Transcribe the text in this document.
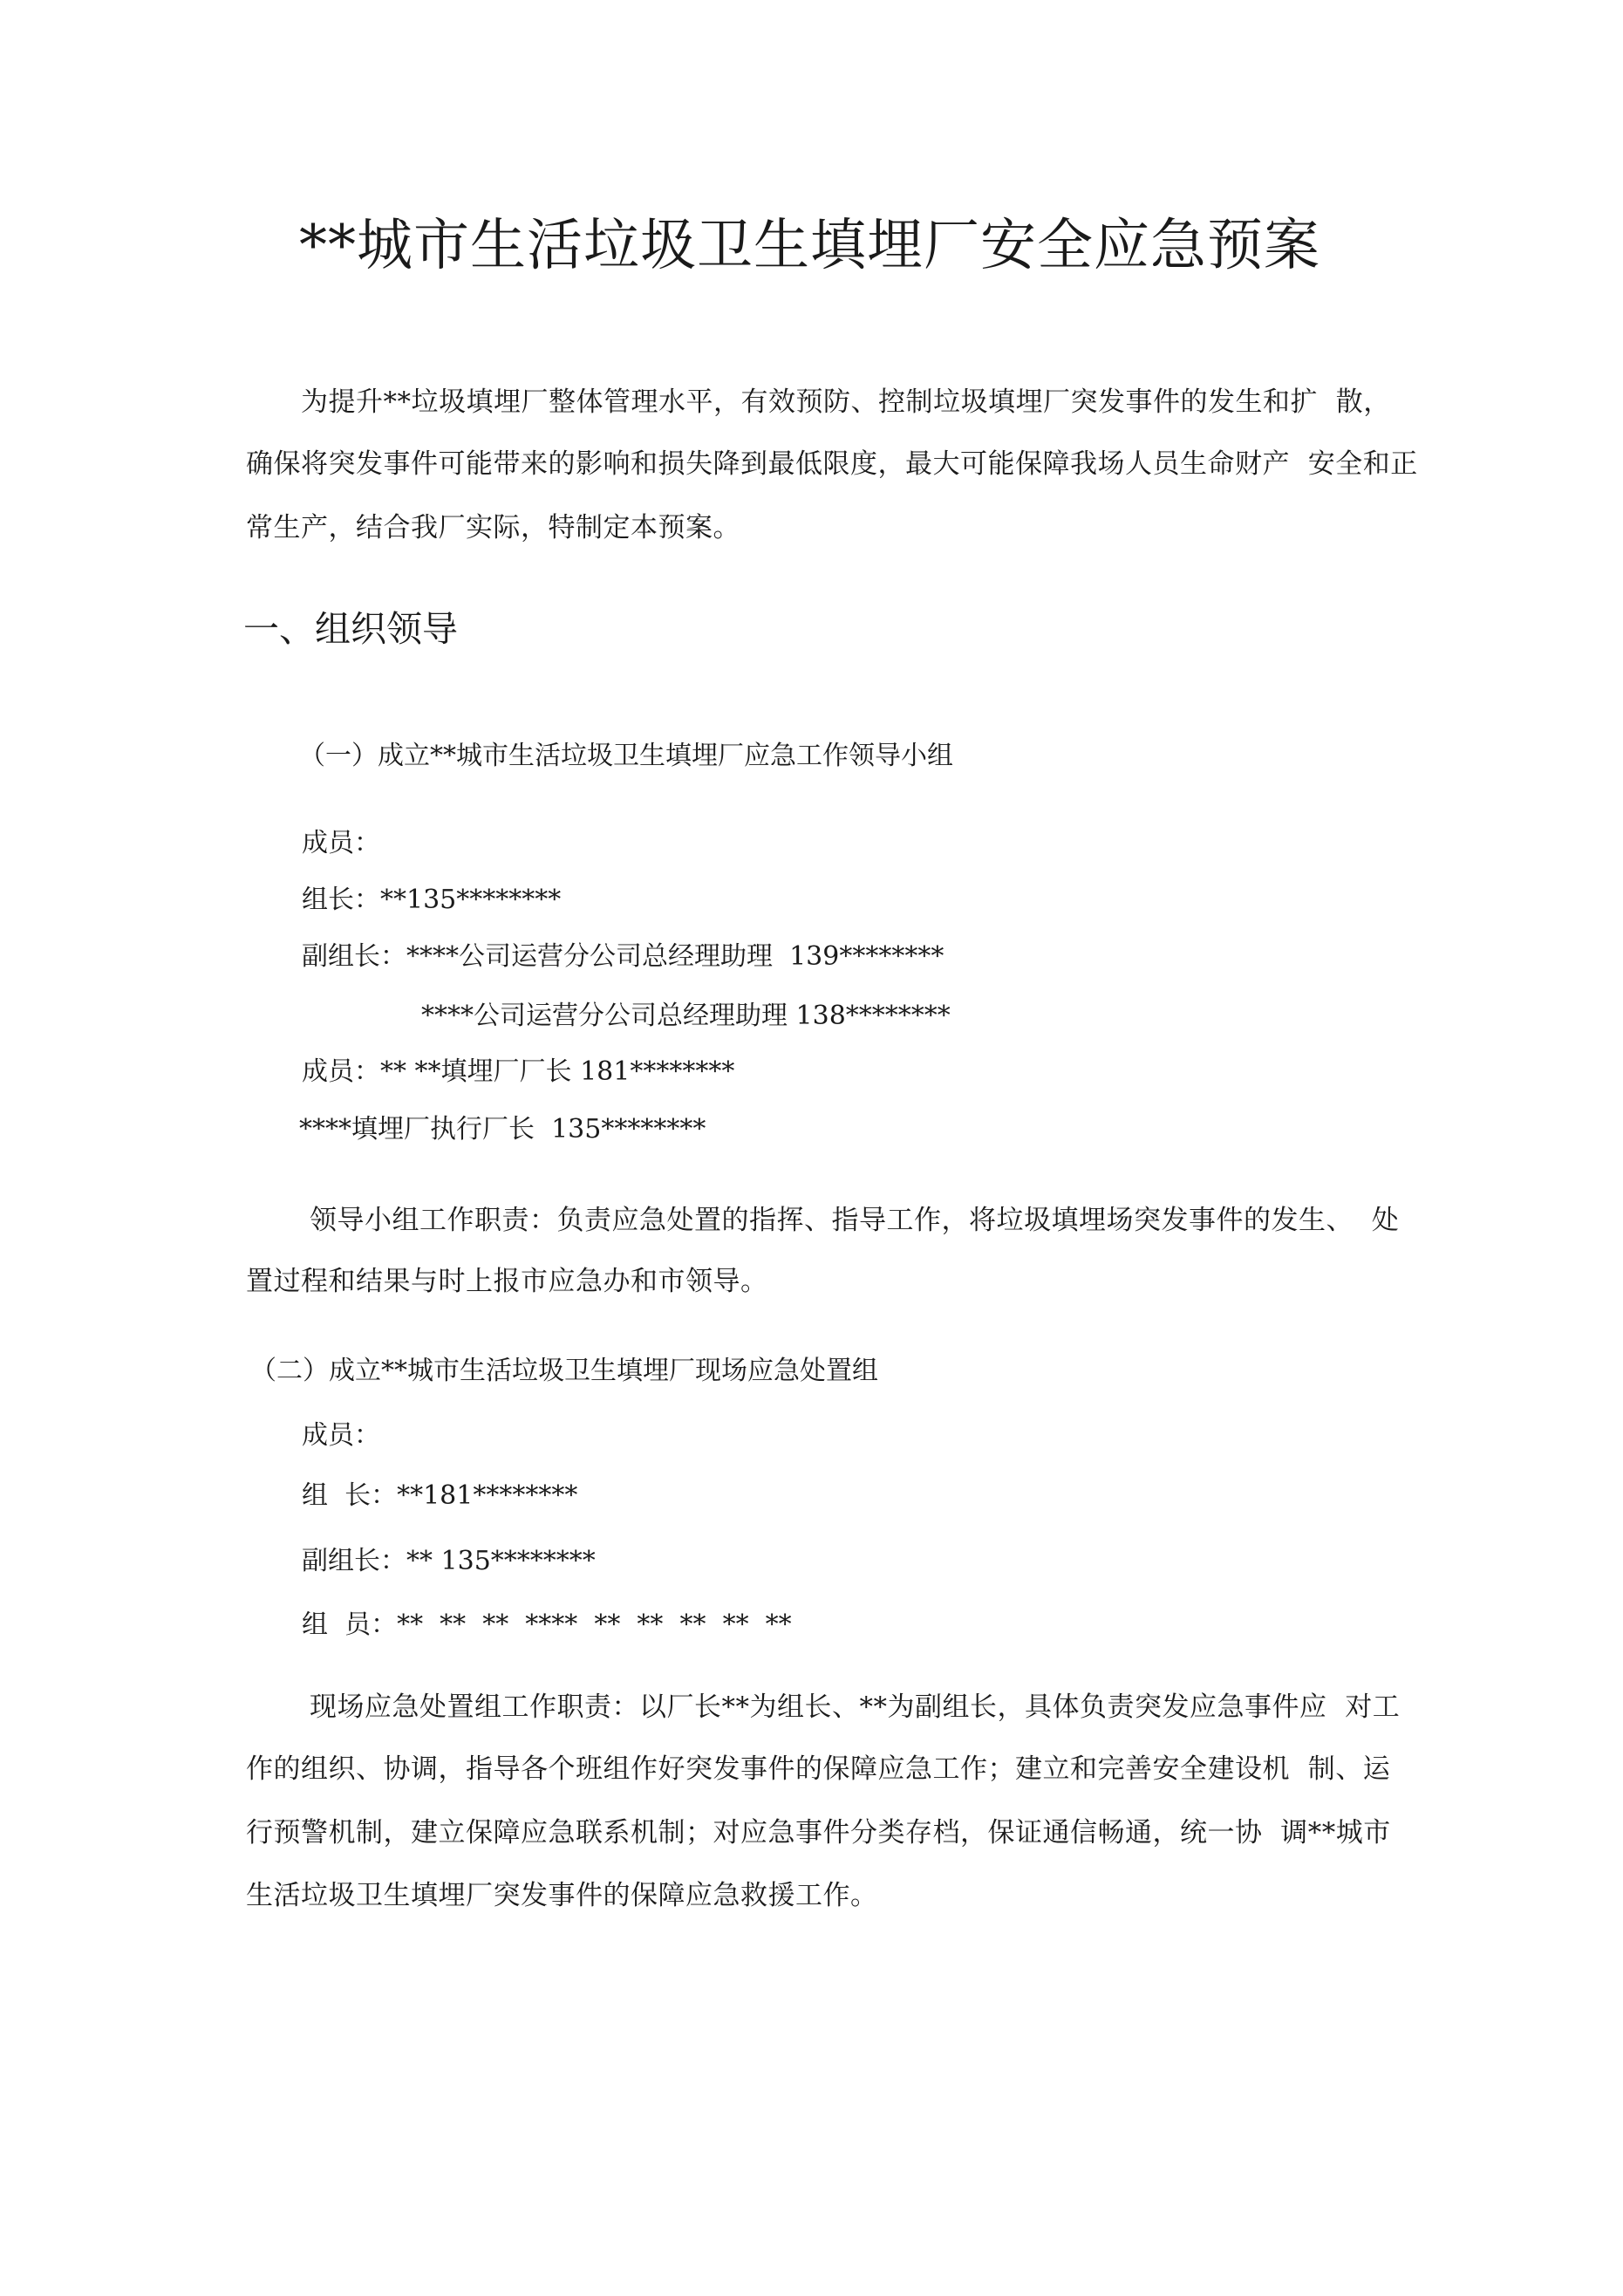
**城市生活垃圾卫生填埋厂安全应急预案
为提升**垃圾填埋厂整体管理水平，有效预防、控制垃圾填埋厂突发事件的发生和扩  散，
确保将突发事件可能带来的影响和损失降到最低限度，最大可能保障我场人员生命财产  安全和正
常生产，结合我厂实际，特制定本预案。
一、组织领导
（一）成立**城市生活垃圾卫生填埋厂应急工作领导小组
成员：
组长：**135********
副组长：****公司运营分公司总经理助理  139********
****公司运营分公司总经理助理 138********
成员：** **填埋厂厂长 181********
****填埋厂执行厂长  135********
领导小组工作职责：负责应急处置的指挥、指导工作，将垃圾填埋场突发事件的发生、  处
置过程和结果与时上报市应急办和市领导。
（二）成立**城市生活垃圾卫生填埋厂现场应急处置组
成员：
组  长：**181********
副组长：** 135********
组  员：**  **  **  ****  **  **  **  **  **
现场应急处置组工作职责：以厂长**为组长、**为副组长，具体负责突发应急事件应  对工
作的组织、协调，指导各个班组作好突发事件的保障应急工作；建立和完善安全建设机  制、运
行预警机制，建立保障应急联系机制；对应急事件分类存档，保证通信畅通，统一协  调**城市
生活垃圾卫生填埋厂突发事件的保障应急救援工作。
